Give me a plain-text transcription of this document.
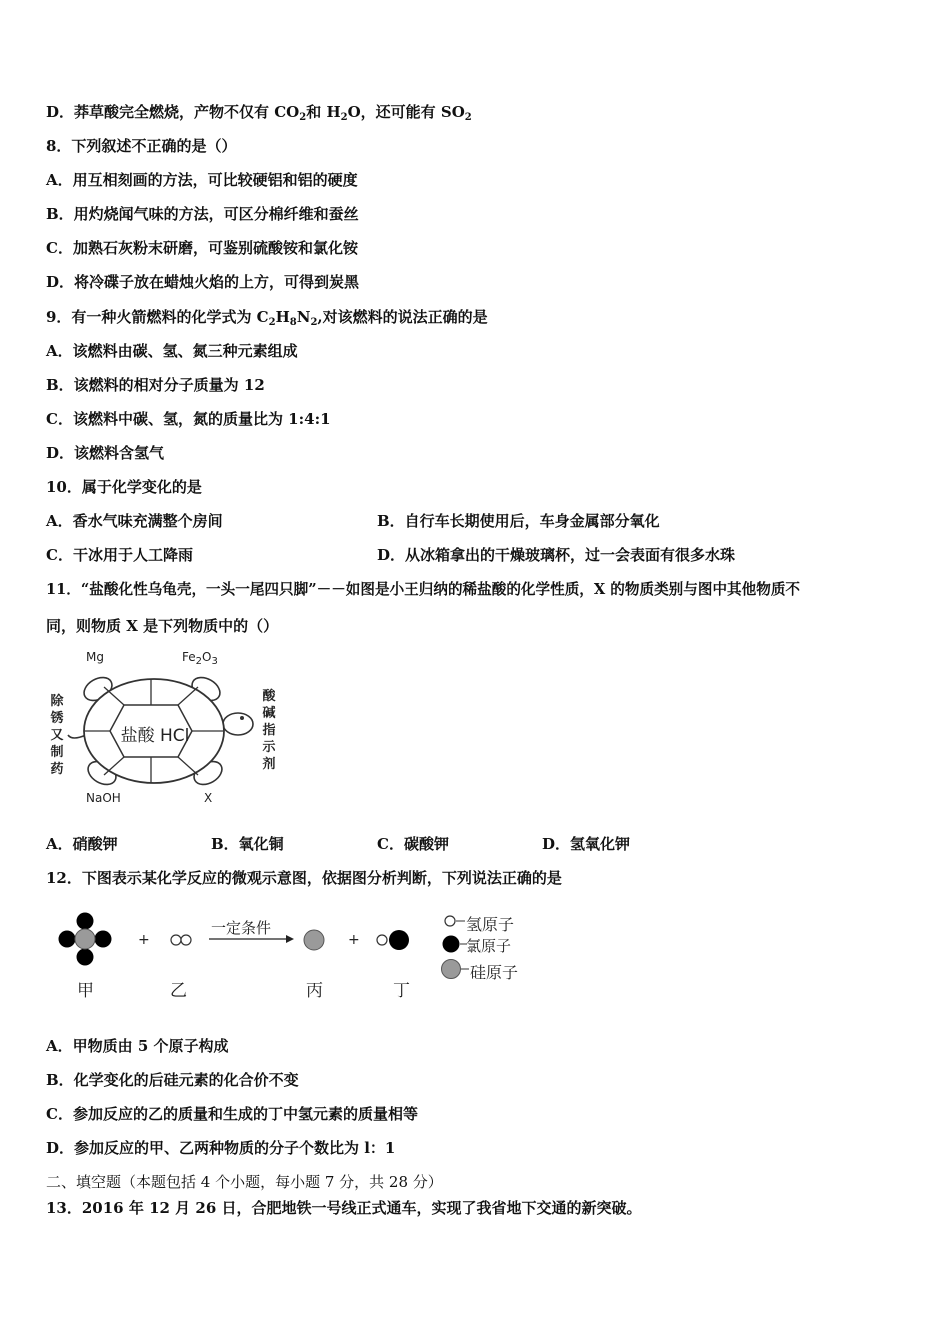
D．莽草酸完全燃烧，产物不仅有 $CO_2$和 $H_2O$，还可能有 $SO_2$
8．下列叙述不正确的是（）
A．用互相刻画的方法，可比较硬铝和铝的硬度
B．用灼烧闻气味的方法，可区分棉纤维和蚕丝
C．加熟石灰粉末研磨，可鉴别硫酸铵和氯化铵
D．将冷碟子放在蜡烛火焰的上方，可得到炭黑
9．有一种火箭燃料的化学式为 $C_2H_8N_2$,对该燃料的说法正确的是
A．该燃料由碳、氢、氮三种元素组成
B．该燃料的相对分子质量为 12
C．该燃料中碳、氢，氮的质量比为 1:4:1
D．该燃料含氢气
10．属于化学变化的是
A．香水气味充满整个房间	B．自行车长期使用后，车身金属部分氧化
C．干冰用于人工降雨	D．从冰箱拿出的干燥玻璃杯，过一会表面有很多水珠
11．“盐酸化性乌龟壳，一头一尾四只脚”－－如图是小王归纳的稀盐酸的化学性质，X 的物质类别与图中其他物质不
同，则物质 X 是下列物质中的（）
Mg	$Fe_2O_3$
盐酸 HCl
NaOH	X
除锈又制药
酸碱指示剂
A．硝酸钾	B．氧化铜	C．碳酸钾	D．氢氧化钾
12．下图表示某化学反应的微观示意图，依据图分析判断，下列说法正确的是
+
一定条件
+
氢原子
氯原子
硅原子
甲	乙	丙	丁
A．甲物质由 5 个原子构成
B．化学变化的后硅元素的化合价不变
C．参加反应的乙的质量和生成的丁中氢元素的质量相等
D．参加反应的甲、乙两种物质的分子个数比为 l：1
二、填空题（本题包括 4 个小题，每小题 7 分，共 28 分）
13．2016 年 12 月 26 日，合肥地铁一号线正式通车，实现了我省地下交通的新突破。
